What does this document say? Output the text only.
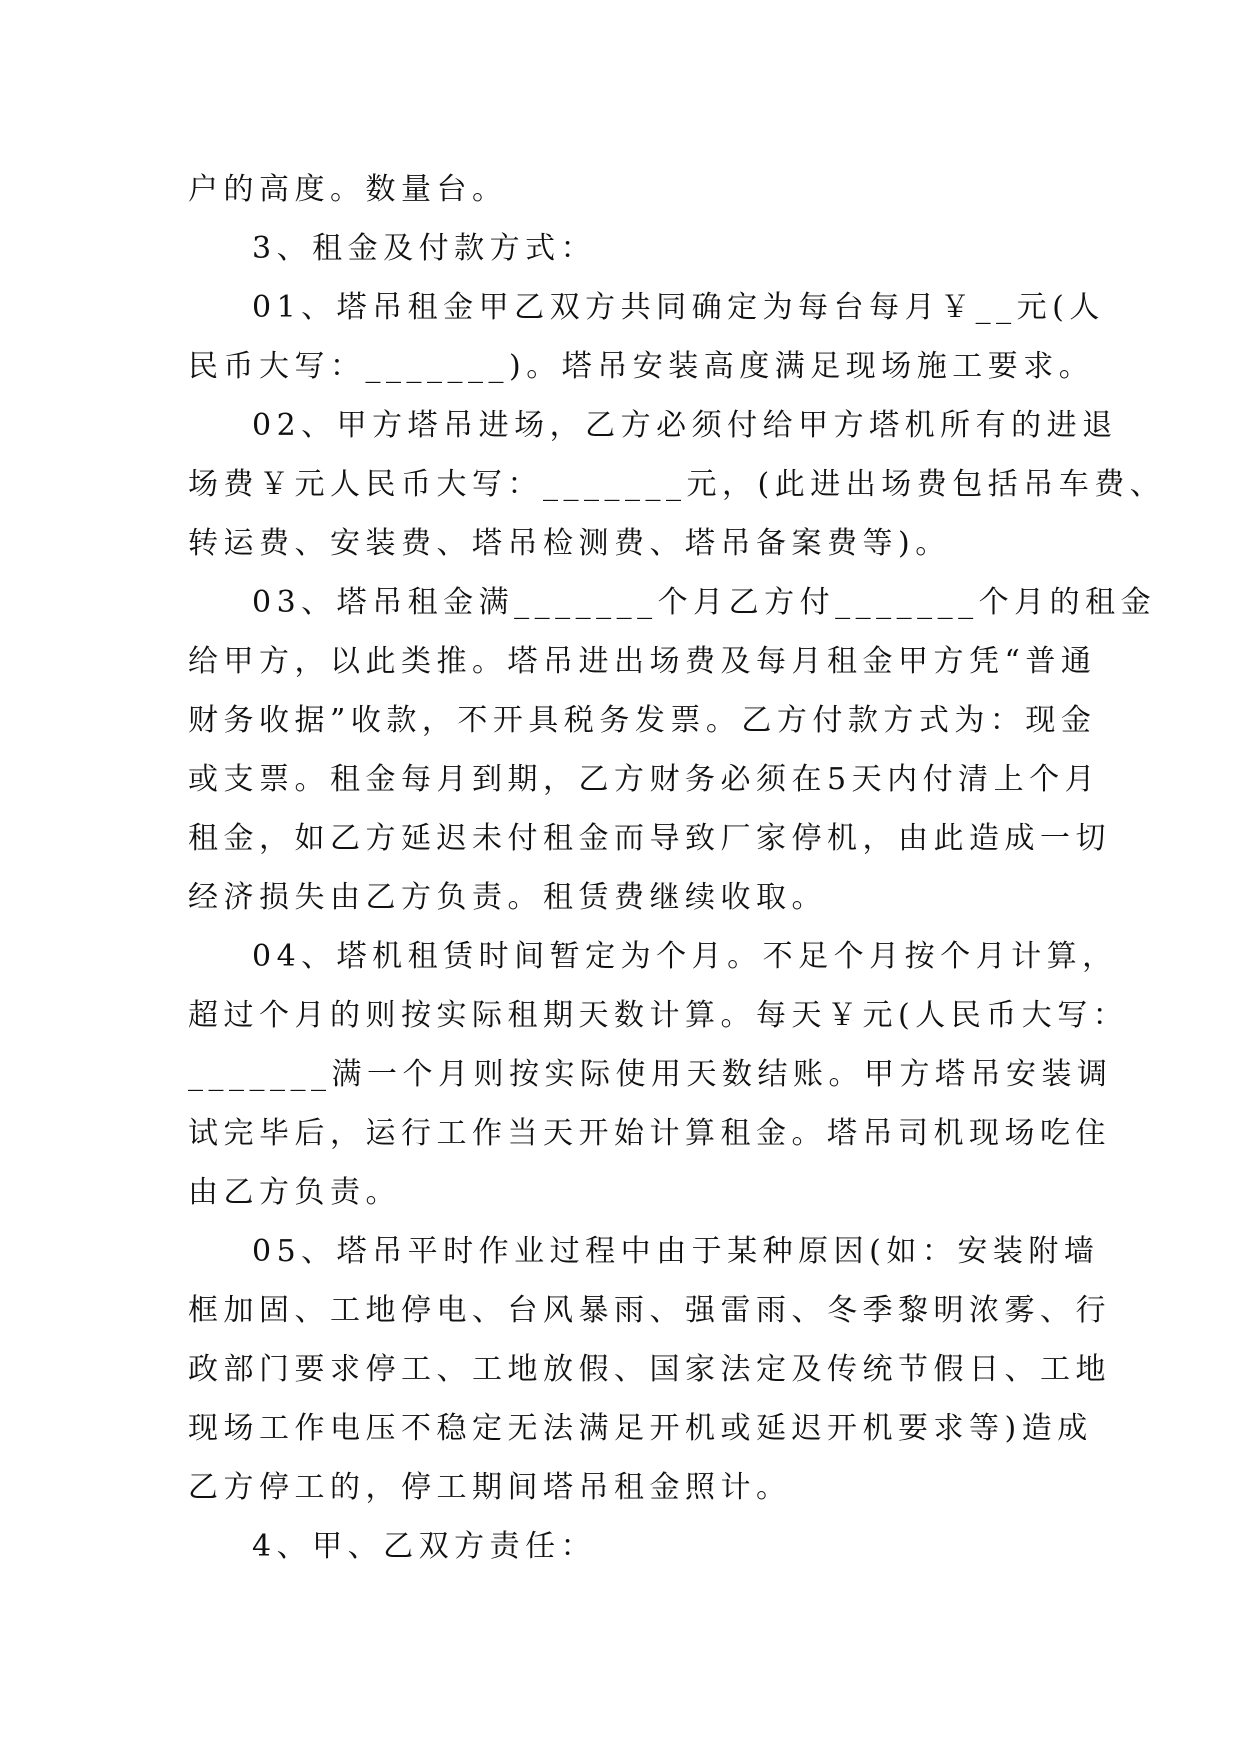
户的高度。数量台。
3、租金及付款方式：
01、塔吊租金甲乙双方共同确定为每台每月￥__元(人
民币大写：_______)。塔吊安装高度满足现场施工要求。
02、甲方塔吊进场，乙方必须付给甲方塔机所有的进退
场费￥元人民币大写：_______元，(此进出场费包括吊车费、
转运费、安装费、塔吊检测费、塔吊备案费等)。
03、塔吊租金满_______个月乙方付_______个月的租金
给甲方，以此类推。塔吊进出场费及每月租金甲方凭“普通
财务收据”收款，不开具税务发票。乙方付款方式为：现金
或支票。租金每月到期，乙方财务必须在5天内付清上个月
租金，如乙方延迟未付租金而导致厂家停机，由此造成一切
经济损失由乙方负责。租赁费继续收取。
04、塔机租赁时间暂定为个月。不足个月按个月计算，
超过个月的则按实际租期天数计算。每天￥元(人民币大写：
_______满一个月则按实际使用天数结账。甲方塔吊安装调
试完毕后，运行工作当天开始计算租金。塔吊司机现场吃住
由乙方负责。
05、塔吊平时作业过程中由于某种原因(如：安装附墙
框加固、工地停电、台风暴雨、强雷雨、冬季黎明浓雾、行
政部门要求停工、工地放假、国家法定及传统节假日、工地
现场工作电压不稳定无法满足开机或延迟开机要求等)造成
乙方停工的，停工期间塔吊租金照计。
4、甲、乙双方责任：
